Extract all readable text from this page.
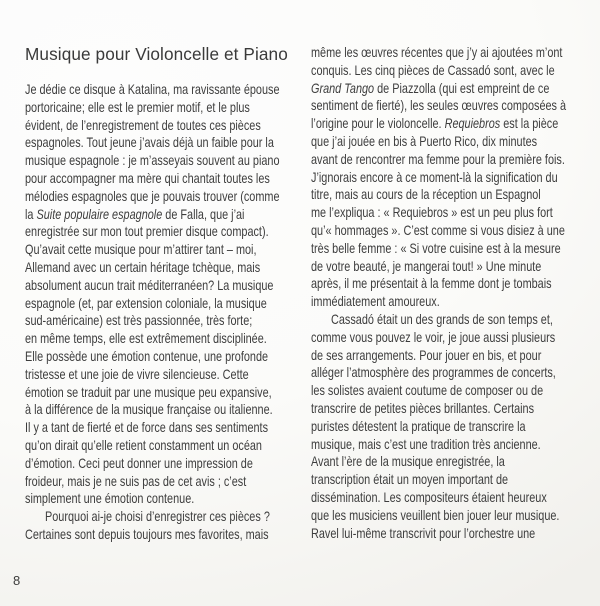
Musique pour Violoncelle et Piano
Je dédie ce disque à Katalina, ma ravissante épouse
portoricaine; elle est le premier motif, et le plus
évident, de l’enregistrement de toutes ces pièces
espagnoles. Tout jeune j’avais déjà un faible pour la
musique espagnole : je m’asseyais souvent au piano
pour accompagner ma mère qui chantait toutes les
mélodies espagnoles que je pouvais trouver (comme
la Suite populaire espagnole de Falla, que j’ai
enregistrée sur mon tout premier disque compact).
Qu’avait cette musique pour m’attirer tant – moi,
Allemand avec un certain héritage tchèque, mais
absolument aucun trait méditerranéen? La musique
espagnole (et, par extension coloniale, la musique
sud-américaine) est très passionnée, très forte;
en même temps, elle est extrêmement disciplinée.
Elle possède une émotion contenue, une profonde
tristesse et une joie de vivre silencieuse. Cette
émotion se traduit par une musique peu expansive,
à la différence de la musique française ou italienne.
Il y a tant de fierté et de force dans ses sentiments
qu’on dirait qu’elle retient constamment un océan
d’émotion. Ceci peut donner une impression de
froideur, mais je ne suis pas de cet avis ; c’est
simplement une émotion contenue.
Pourquoi ai-je choisi d’enregistrer ces pièces ?
Certaines sont depuis toujours mes favorites, mais
même les œuvres récentes que j’y ai ajoutées m’ont
conquis. Les cinq pièces de Cassadó sont, avec le
Grand Tango de Piazzolla (qui est empreint de ce
sentiment de fierté), les seules œuvres composées à
l’origine pour le violoncelle. Requiebros est la pièce
que j’ai jouée en bis à Puerto Rico, dix minutes
avant de rencontrer ma femme pour la première fois.
J’ignorais encore à ce moment-là la signification du
titre, mais au cours de la réception un Espagnol
me l’expliqua : « Requiebros » est un peu plus fort
qu’« hommages ». C’est comme si vous disiez à une
très belle femme : « Si votre cuisine est à la mesure
de votre beauté, je mangerai tout! » Une minute
après, il me présentait à la femme dont je tombais
immédiatement amoureux.
Cassadó était un des grands de son temps et,
comme vous pouvez le voir, je joue aussi plusieurs
de ses arrangements. Pour jouer en bis, et pour
alléger l’atmosphère des programmes de concerts,
les solistes avaient coutume de composer ou de
transcrire de petites pièces brillantes. Certains
puristes détestent la pratique de transcrire la
musique, mais c’est une tradition très ancienne.
Avant l’ère de la musique enregistrée, la
transcription était un moyen important de
dissémination. Les compositeurs étaient heureux
que les musiciens veuillent bien jouer leur musique.
Ravel lui-même transcrivit pour l’orchestre une
8
